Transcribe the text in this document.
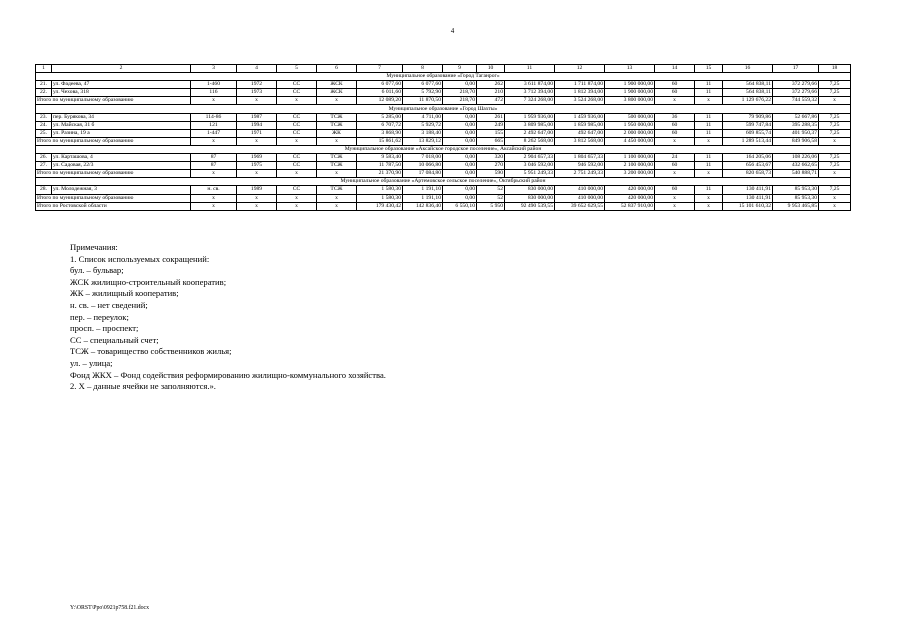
4
1	2	3	4	5	6	7	8	9	10	11	12	13	14	15	16	17	18
Муниципальное образование «Город Таганрог»																	
21.	ул. Фадеева, 47	1-460	1972	СС	ЖСК	6 077,60	6 077,60	0,00	262	3 611 874,00	1 711 874,00	1 900 000,00	60	11	564 838,11	372 279,66	7,25
22.	ул. Чехова, 318	116	1973	СС	ЖСК	6 011,60	5 792,90	218,70	210	3 712 394,00	1 812 394,00	1 900 000,00	60	11	564 838,11	372 279,66	7,25
Итого по муниципальному образованию		х	х	х	х	12 089,20	11 870,50	218,70	472	7 324 268,00	3 524 268,00	3 800 000,00	х	х	1 129 676,22	744 559,32	х
Муниципальное образование «Город Шахты»																	
23.	пер. Бурякова, 34	114-86	1987	СС	ТСЖ	5 285,00	4 711,00	0,00	261	1 959 936,00	1 459 936,00	500 000,00	36	11	79 909,86	52 667,86	7,25
24.	ул. Майская, 31 б	121	1994	СС	ТСЖ	6 707,72	5 929,72	0,00	249	3 809 985,00	1 859 985,00	1 950 000,00	60	11	599 747,84	395 288,35	7,25
25.	ул. Разина, 19 а	1-447	1971	СС	ЖК	3 868,90	3 188,40	0,00	155	2 492 647,00	492 647,00	2 000 000,00	60	11	609 855,74	401 950,37	7,25
Итого по муниципальному образованию		х	х	х	х	15 861,62	13 829,12	0,00	665	8 262 568,00	3 812 568,00	4 450 000,00	х	х	1 289 513,44	849 906,58	х
Муниципальное образование «Аксайское городское поселение», Аксайский район																	
26.	ул. Карташова, 4	87	1969	СС	ТСЖ	9 583,40	7 018,00	0,00	320	2 904 657,33	1 804 657,33	1 100 000,00	24	11	164 205,06	108 226,06	7,25
27.	ул. Садовая, 22/3	87	1975	СС	ТСЖ	11 787,50	10 066,80	0,00	270	3 046 592,00	946 592,00	2 100 000,00	60	11	656 453,67	432 662,65	7,25
Итого по муниципальному образованию		х	х	х	х	21 370,90	17 084,80	0,00	590	5 951 249,33	2 751 249,33	3 200 000,00	х	х	820 658,73	540 888,71	х
Муниципальное образование «Артемовское сельское поселение», Октябрьский район																	
28.	ул. Молодежная, 3	н. св.	1989	СС	ТСЖ	1 580,30	1 191,10	0,00	52	830 000,00	410 000,00	420 000,00	60	11	130 411,91	85 953,30	7,25
Итого по муниципальному образованию		х	х	х	х	1 580,30	1 191,10	0,00	52	830 000,00	410 000,00	420 000,00	х	х	130 411,91	85 953,30	х
Итого по Ростовской области		х	х	х	х	179 430,42	142 836,40	6 550,10	5 950	92 490 539,55	39 652 629,55	52 837 910,00	х	х	15 101 610,32	9 953 465,85	х
Примечания:
1. Список используемых сокращений:
бул. – бульвар;
ЖСК жилищно-строительный кооператив;
ЖК – жилищный кооператив;
н. св. – нет сведений;
пер. – переулок;
просп. – проспект;
СС – специальный счет;
ТСЖ – товарищество собственников жилья;
ул. – улица;
Фонд ЖКХ – Фонд содействия реформированию жилищно-коммунального хозяйства.
2. Х – данные ячейки не заполняются.».
Y:\ORST\Ppo\0921p758.f21.docx
